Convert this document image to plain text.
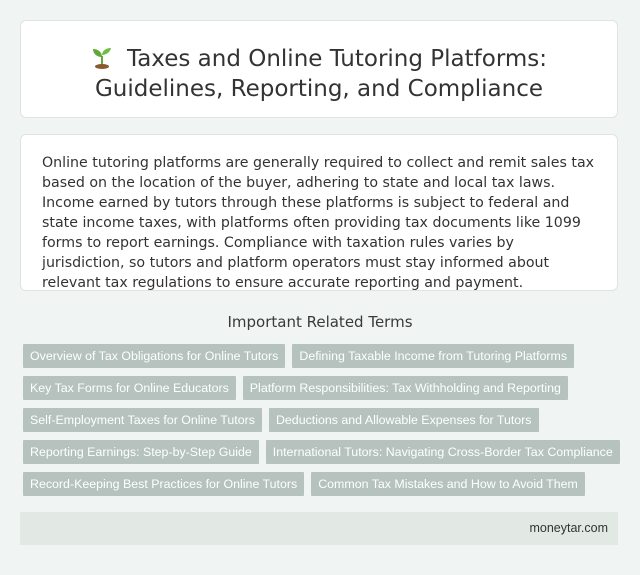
Taxes and Online Tutoring Platforms:
Guidelines, Reporting, and Compliance

Online tutoring platforms are generally required to collect and remit sales tax based on the location of the buyer, adhering to state and local tax laws. Income earned by tutors through these platforms is subject to federal and state income taxes, with platforms often providing tax documents like 1099 forms to report earnings. Compliance with taxation rules varies by jurisdiction, so tutors and platform operators must stay informed about relevant tax regulations to ensure accurate reporting and payment.

Important Related Terms
Overview of Tax Obligations for Online Tutors	Defining Taxable Income from Tutoring Platforms
Key Tax Forms for Online Educators	Platform Responsibilities: Tax Withholding and Reporting
Self-Employment Taxes for Online Tutors	Deductions and Allowable Expenses for Tutors
Reporting Earnings: Step-by-Step Guide	International Tutors: Navigating Cross-Border Tax Compliance
Record-Keeping Best Practices for Online Tutors	Common Tax Mistakes and How to Avoid Them
moneytar.com
